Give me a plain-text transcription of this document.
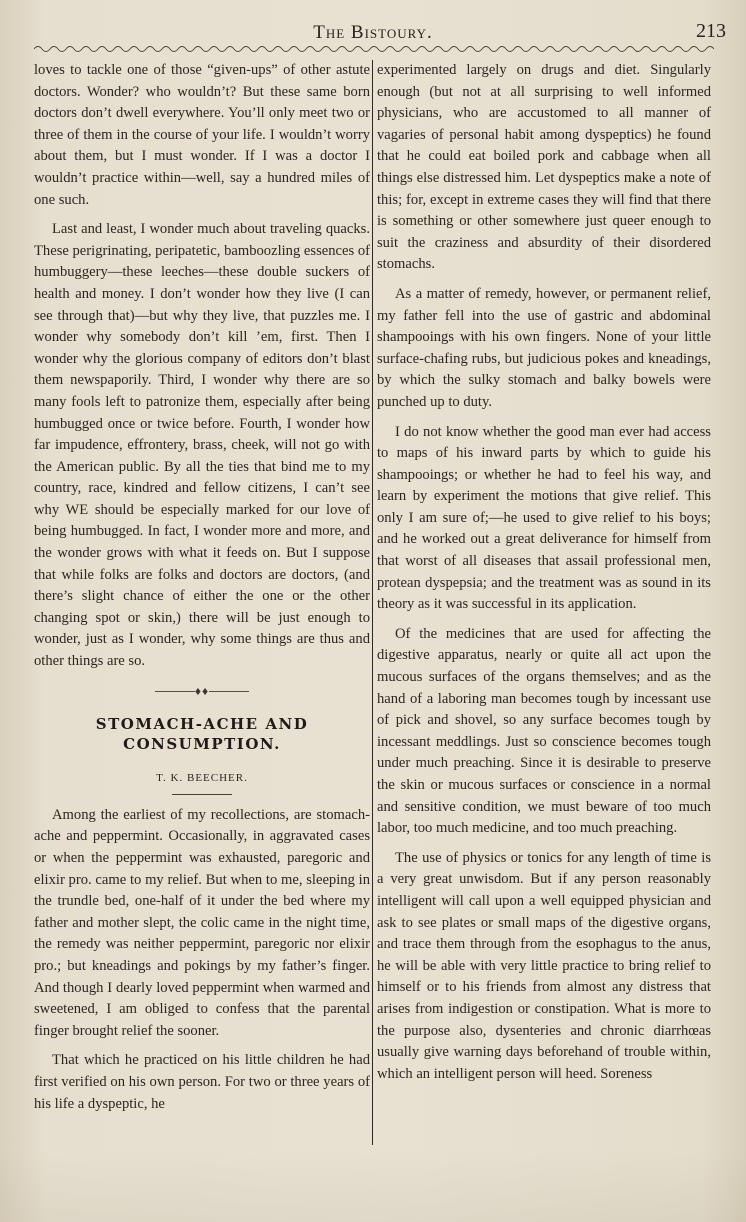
The Bistoury.	213

loves to tackle one of those “given-ups” of other astute doctors. Wonder? who wouldn’t? But these same born doctors don’t dwell everywhere. You’ll only meet two or three of them in the course of your life. I wouldn’t worry about them, but I must wonder. If I was a doctor I wouldn’t practice within—well, say a hundred miles of one such.

Last and least, I wonder much about traveling quacks. These perigrinating, peripatetic, bamboozling essences of humbuggery—these leeches—these double suckers of health and money. I don’t wonder how they live (I can see through that)—but why they live, that puzzles me. I wonder why somebody don’t kill ’em, first. Then I wonder why the glorious company of editors don’t blast them newspaporily. Third, I wonder why there are so many fools left to patronize them, especially after being humbugged once or twice before. Fourth, I wonder how far impudence, effrontery, brass, cheek, will not go with the American public. By all the ties that bind me to my country, race, kindred and fellow citizens, I can’t see why WE should be especially marked for our love of being humbugged. In fact, I wonder more and more, and the wonder grows with what it feeds on. But I suppose that while folks are folks and doctors are doctors, (and there’s slight chance of either the one or the other changing spot or skin,) there will be just enough to wonder, just as I wonder, why some things are thus and other things are so.

♦♦
STOMACH-ACHE AND CONSUMPTION.
T. K. BEECHER.

Among the earliest of my recollections, are stomach-ache and peppermint. Occasionally, in aggravated cases or when the peppermint was exhausted, paregoric and elixir pro. came to my relief. But when to me, sleeping in the trundle bed, one-half of it under the bed where my father and mother slept, the colic came in the night time, the remedy was neither peppermint, paregoric nor elixir pro.; but kneadings and pokings by my father’s finger. And though I dearly loved peppermint when warmed and sweetened, I am obliged to confess that the parental finger brought relief the sooner.

That which he practiced on his little children he had first verified on his own person. For two or three years of his life a dyspeptic, he

experimented largely on drugs and diet. Singularly enough (but not at all surprising to well informed physicians, who are accustomed to all manner of vagaries of personal habit among dyspeptics) he found that he could eat boiled pork and cabbage when all things else distressed him. Let dyspeptics make a note of this; for, except in extreme cases they will find that there is something or other somewhere just queer enough to suit the craziness and absurdity of their disordered stomachs.

As a matter of remedy, however, or permanent relief, my father fell into the use of gastric and abdominal shampooings with his own fingers. None of your little surface-chafing rubs, but judicious pokes and kneadings, by which the sulky stomach and balky bowels were punched up to duty.

I do not know whether the good man ever had access to maps of his inward parts by which to guide his shampooings; or whether he had to feel his way, and learn by experiment the motions that give relief. This only I am sure of;—he used to give relief to his boys; and he worked out a great deliverance for himself from that worst of all diseases that assail professional men, protean dyspepsia; and the treatment was as sound in its theory as it was successful in its application.

Of the medicines that are used for affecting the digestive apparatus, nearly or quite all act upon the mucous surfaces of the organs themselves; and as the hand of a laboring man becomes tough by incessant use of pick and shovel, so any surface becomes tough by incessant meddlings. Just so conscience becomes tough under much preaching. Since it is desirable to preserve the skin or mucous surfaces or conscience in a normal and sensitive condition, we must beware of too much labor, too much medicine, and too much preaching.

The use of physics or tonics for any length of time is a very great unwisdom. But if any person reasonably intelligent will call upon a well equipped physician and ask to see plates or small maps of the digestive organs, and trace them through from the esophagus to the anus, he will be able with very little practice to bring relief to himself or to his friends from almost any distress that arises from indigestion or constipation. What is more to the purpose also, dysenteries and chronic diarrhœas usually give warning days beforehand of trouble within, which an intelligent person will heed. Soreness
